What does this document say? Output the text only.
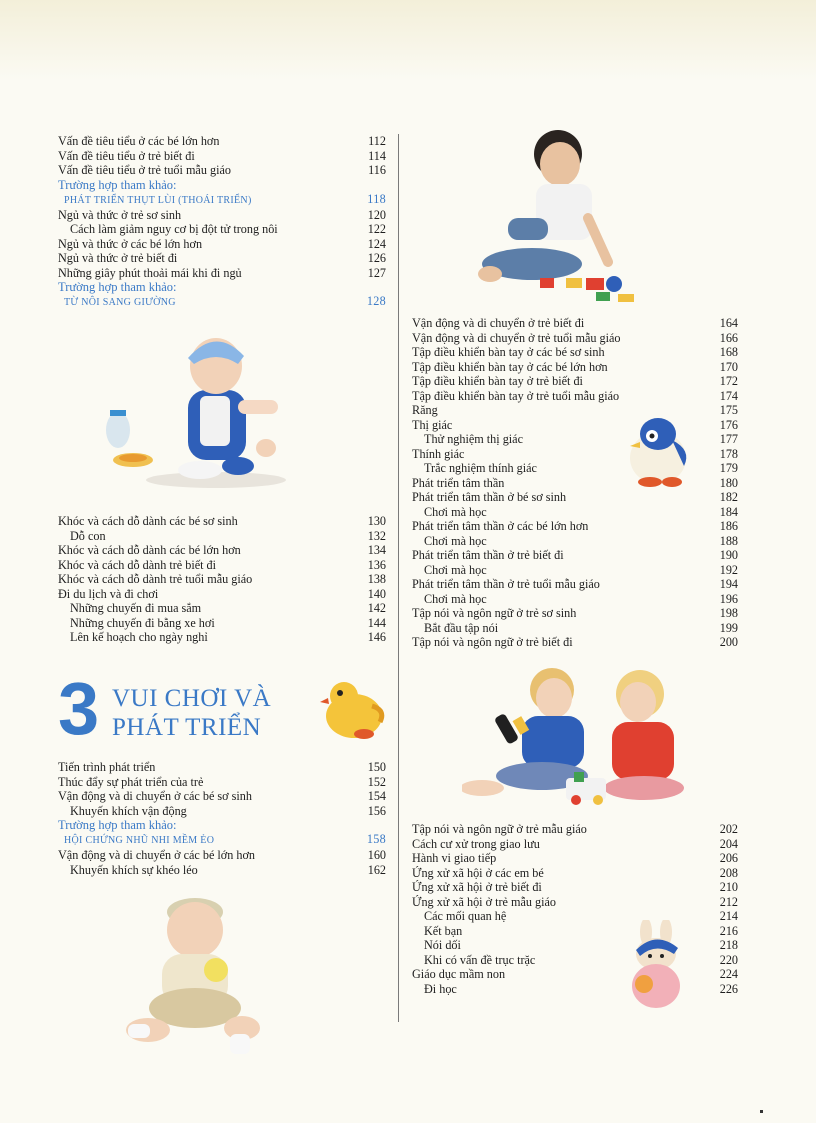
Vấn đề tiêu tiểu ở các bé lớn hơn	112
Vấn đề tiêu tiểu ở trẻ biết đi	114
Vấn đề tiêu tiểu ở trẻ tuổi mẫu giáo	116
Trường hợp tham khảo:
PHÁT TRIỂN THỤT LÙI (THOÁI TRIỂN)	118
Ngủ và thức ở trẻ sơ sinh	120
Cách làm giảm nguy cơ bị đột tử trong nôi	122
Ngủ và thức ở các bé lớn hơn	124
Ngủ và thức ở trẻ biết đi	126
Những giây phút thoải mái khi đi ngủ	127
Trường hợp tham khảo:
TỪ NÔI SANG GIƯỜNG	128
Khóc và cách dỗ dành các bé sơ sinh	130
Dỗ con	132
Khóc và cách dỗ dành các bé lớn hơn	134
Khóc và cách dỗ dành trẻ biết đi	136
Khóc và cách dỗ dành trẻ tuổi mẫu giáo	138
Đi du lịch và đi chơi	140
Những chuyến đi mua sắm	142
Những chuyến đi bằng xe hơi	144
Lên kế hoạch cho ngày nghỉ	146
3 VUI CHƠI VÀ
PHÁT TRIỂN
Tiến trình phát triển	150
Thúc đẩy sự phát triển của trẻ	152
Vận động và di chuyển ở các bé sơ sinh	154
Khuyến khích vận động	156
Trường hợp tham khảo:
HỘI CHỨNG NHŨ NHI MỀM ẺO	158
Vận động và di chuyển ở các bé lớn hơn	160
Khuyến khích sự khéo léo	162
Vận động và di chuyển ở trẻ biết đi	164
Vận động và di chuyển ở trẻ tuổi mẫu giáo	166
Tập điều khiển bàn tay ở các bé sơ sinh	168
Tập điều khiển bàn tay ở các bé lớn hơn	170
Tập điều khiển bàn tay ở trẻ biết đi	172
Tập điều khiển bàn tay ở trẻ tuổi mẫu giáo	174
Răng	175
Thị giác	176
Thử nghiệm thị giác	177
Thính giác	178
Trắc nghiệm thính giác	179
Phát triển tâm thần	180
Phát triển tâm thần ở bé sơ sinh	182
Chơi mà học	184
Phát triển tâm thần ở các bé lớn hơn	186
Chơi mà học	188
Phát triển tâm thần ở trẻ biết đi	190
Chơi mà học	192
Phát triển tâm thần ở trẻ tuổi mẫu giáo	194
Chơi mà học	196
Tập nói và ngôn ngữ ở trẻ sơ sinh	198
Bắt đầu tập nói	199
Tập nói và ngôn ngữ ở trẻ biết đi	200
Tập nói và ngôn ngữ ở trẻ mẫu giáo	202
Cách cư xử trong giao lưu	204
Hành vi giao tiếp	206
Ứng xử xã hội ở các em bé	208
Ứng xử xã hội ở trẻ biết đi	210
Ứng xử xã hội ở trẻ mẫu giáo	212
Các mối quan hệ	214
Kết bạn	216
Nói dối	218
Khi có vấn đề trục trặc	220
Giáo dục mầm non	224
Đi học	226
